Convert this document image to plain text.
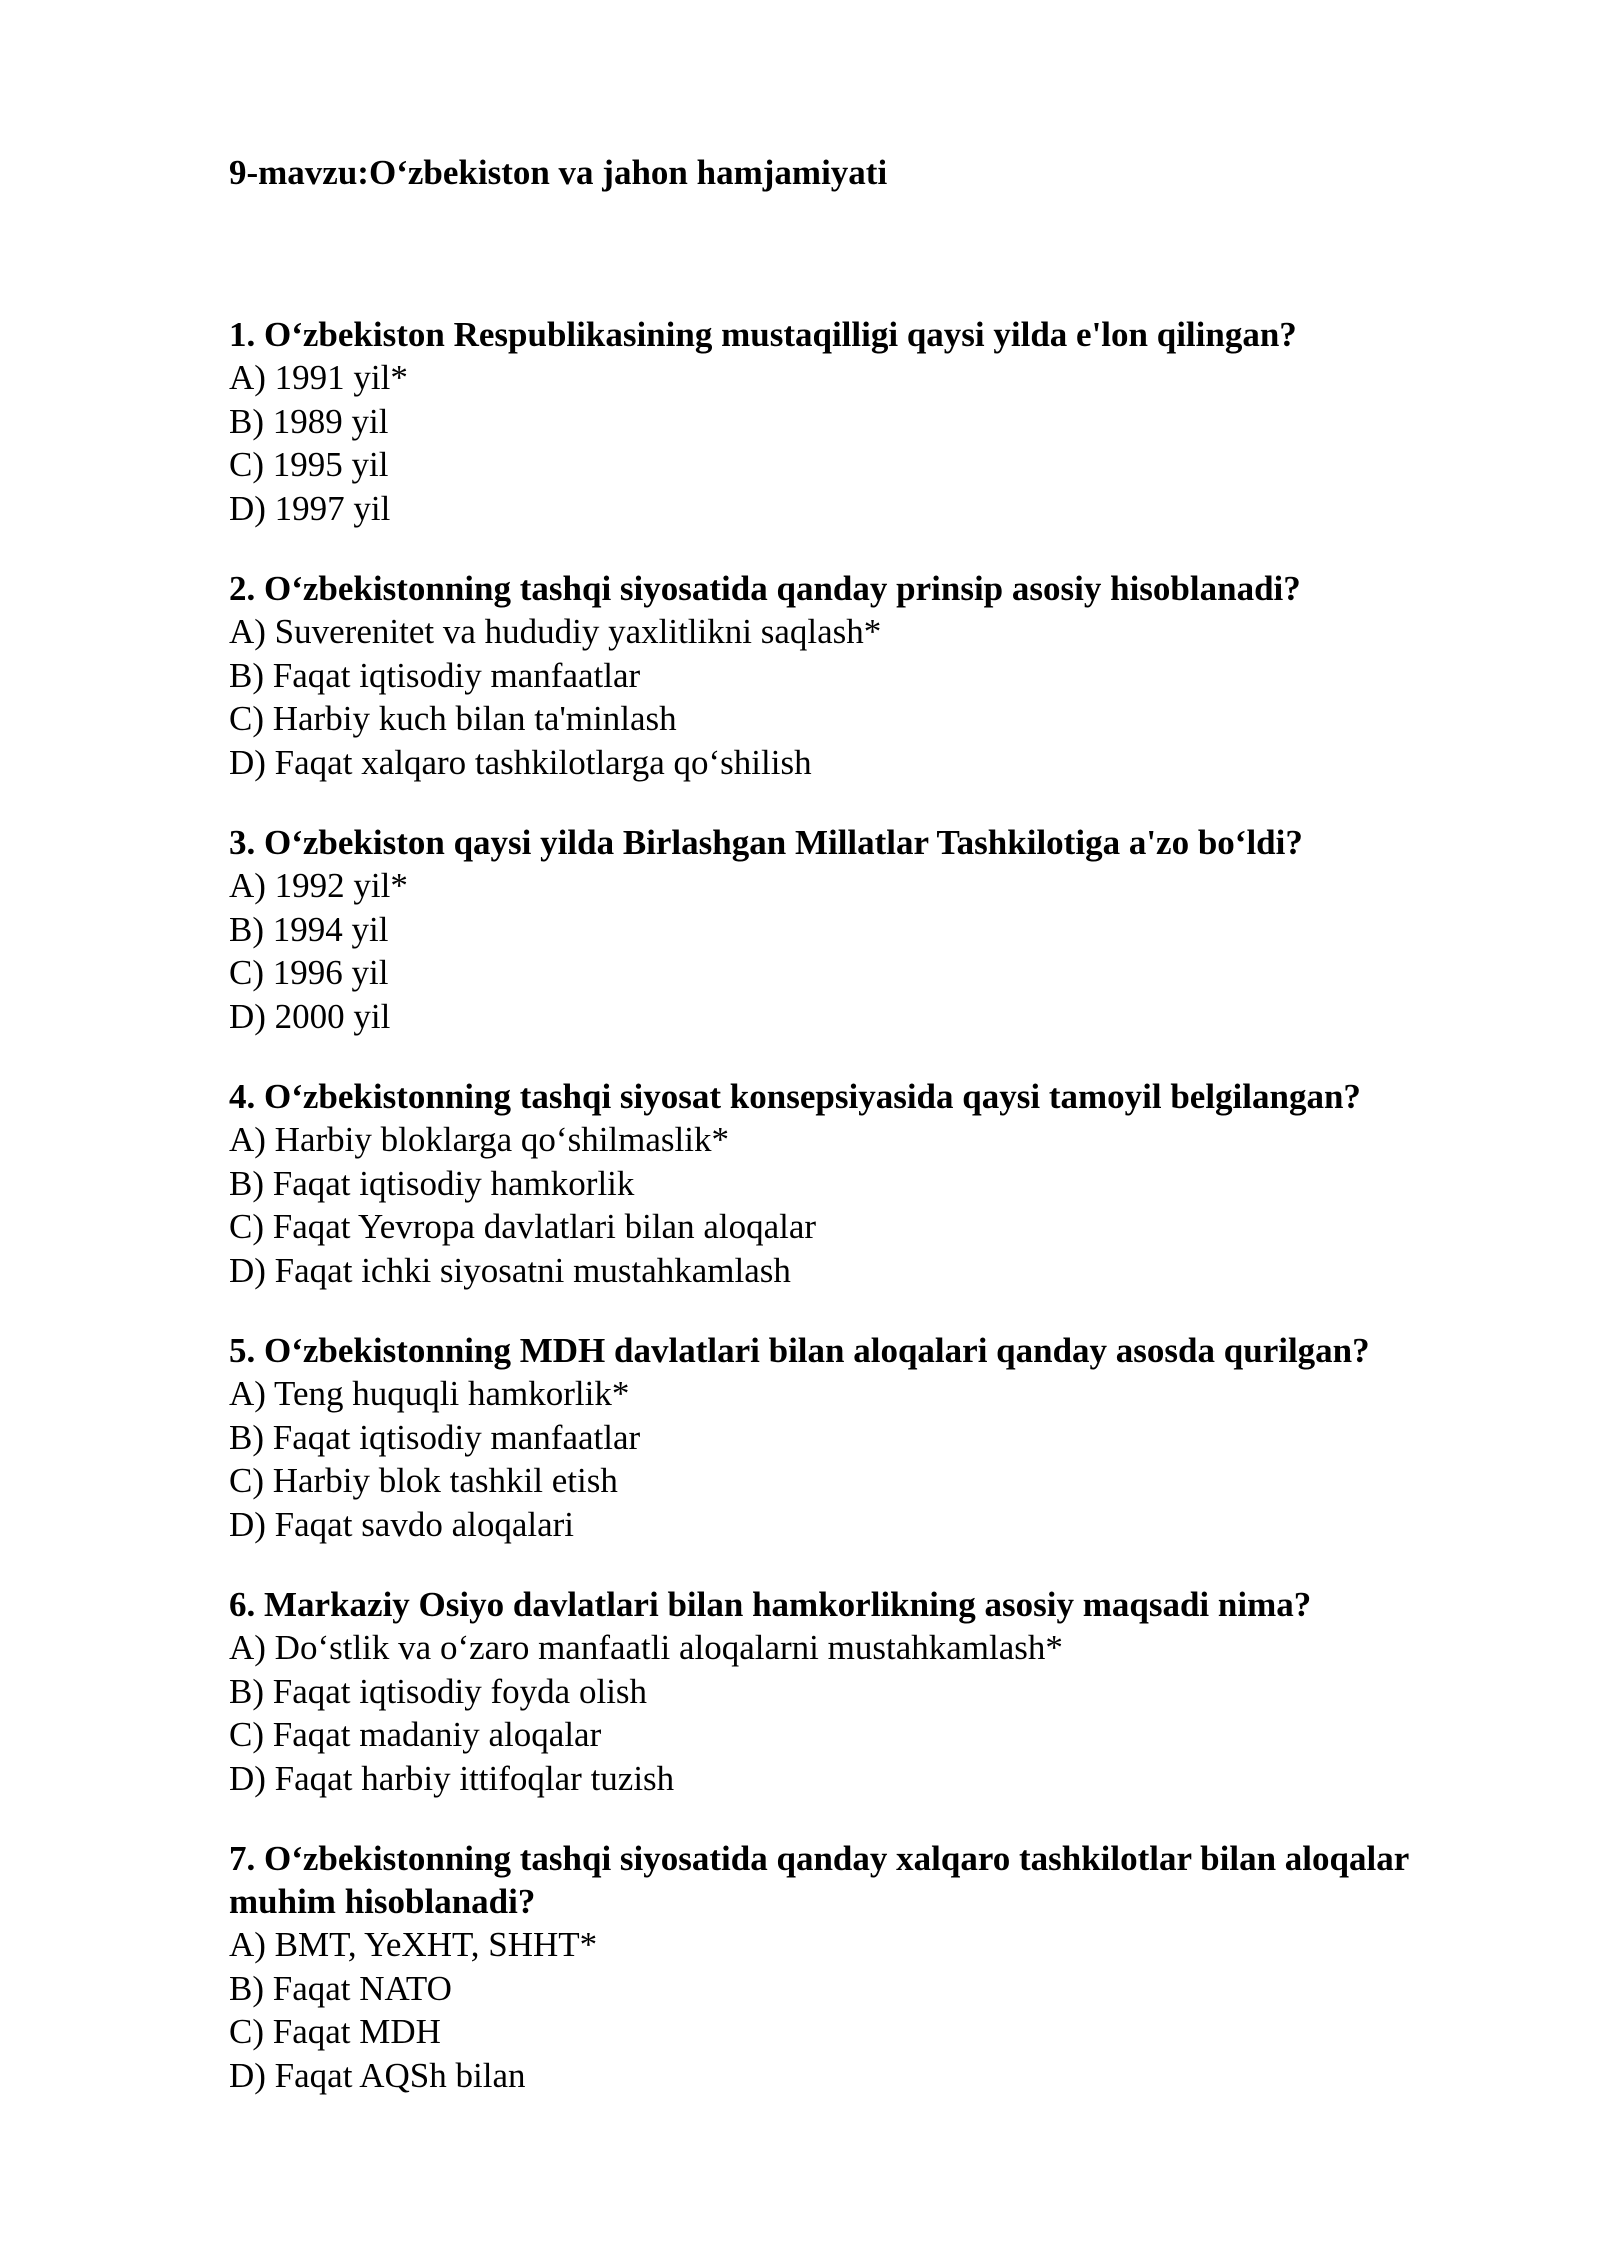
9-mavzu:O‘zbekiston va jahon hamjamiyati

1. O‘zbekiston Respublikasining mustaqilligi qaysi yilda e'lon qilingan?

A) 1991 yil*
B) 1989 yil
C) 1995 yil
D) 1997 yil

2. O‘zbekistonning tashqi siyosatida qanday prinsip asosiy hisoblanadi?

A) Suverenitet va hududiy yaxlitlikni saqlash*
B) Faqat iqtisodiy manfaatlar
C) Harbiy kuch bilan ta'minlash
D) Faqat xalqaro tashkilotlarga qo‘shilish

3. O‘zbekiston qaysi yilda Birlashgan Millatlar Tashkilotiga a'zo bo‘ldi?

A) 1992 yil*
B) 1994 yil
C) 1996 yil
D) 2000 yil

4. O‘zbekistonning tashqi siyosat konsepsiyasida qaysi tamoyil belgilangan?

A) Harbiy bloklarga qo‘shilmaslik*
B) Faqat iqtisodiy hamkorlik
C) Faqat Yevropa davlatlari bilan aloqalar
D) Faqat ichki siyosatni mustahkamlash

5. O‘zbekistonning MDH davlatlari bilan aloqalari qanday asosda qurilgan?

A) Teng huquqli hamkorlik*
B) Faqat iqtisodiy manfaatlar
C) Harbiy blok tashkil etish
D) Faqat savdo aloqalari

6. Markaziy Osiyo davlatlari bilan hamkorlikning asosiy maqsadi nima?

A) Do‘stlik va o‘zaro manfaatli aloqalarni mustahkamlash*
B) Faqat iqtisodiy foyda olish
C) Faqat madaniy aloqalar
D) Faqat harbiy ittifoqlar tuzish

7. O‘zbekistonning tashqi siyosatida qanday xalqaro tashkilotlar bilan aloqalar muhim hisoblanadi?

A) BMT, YeXHT, SHHT*
B) Faqat NATO
C) Faqat MDH
D) Faqat AQSh bilan
